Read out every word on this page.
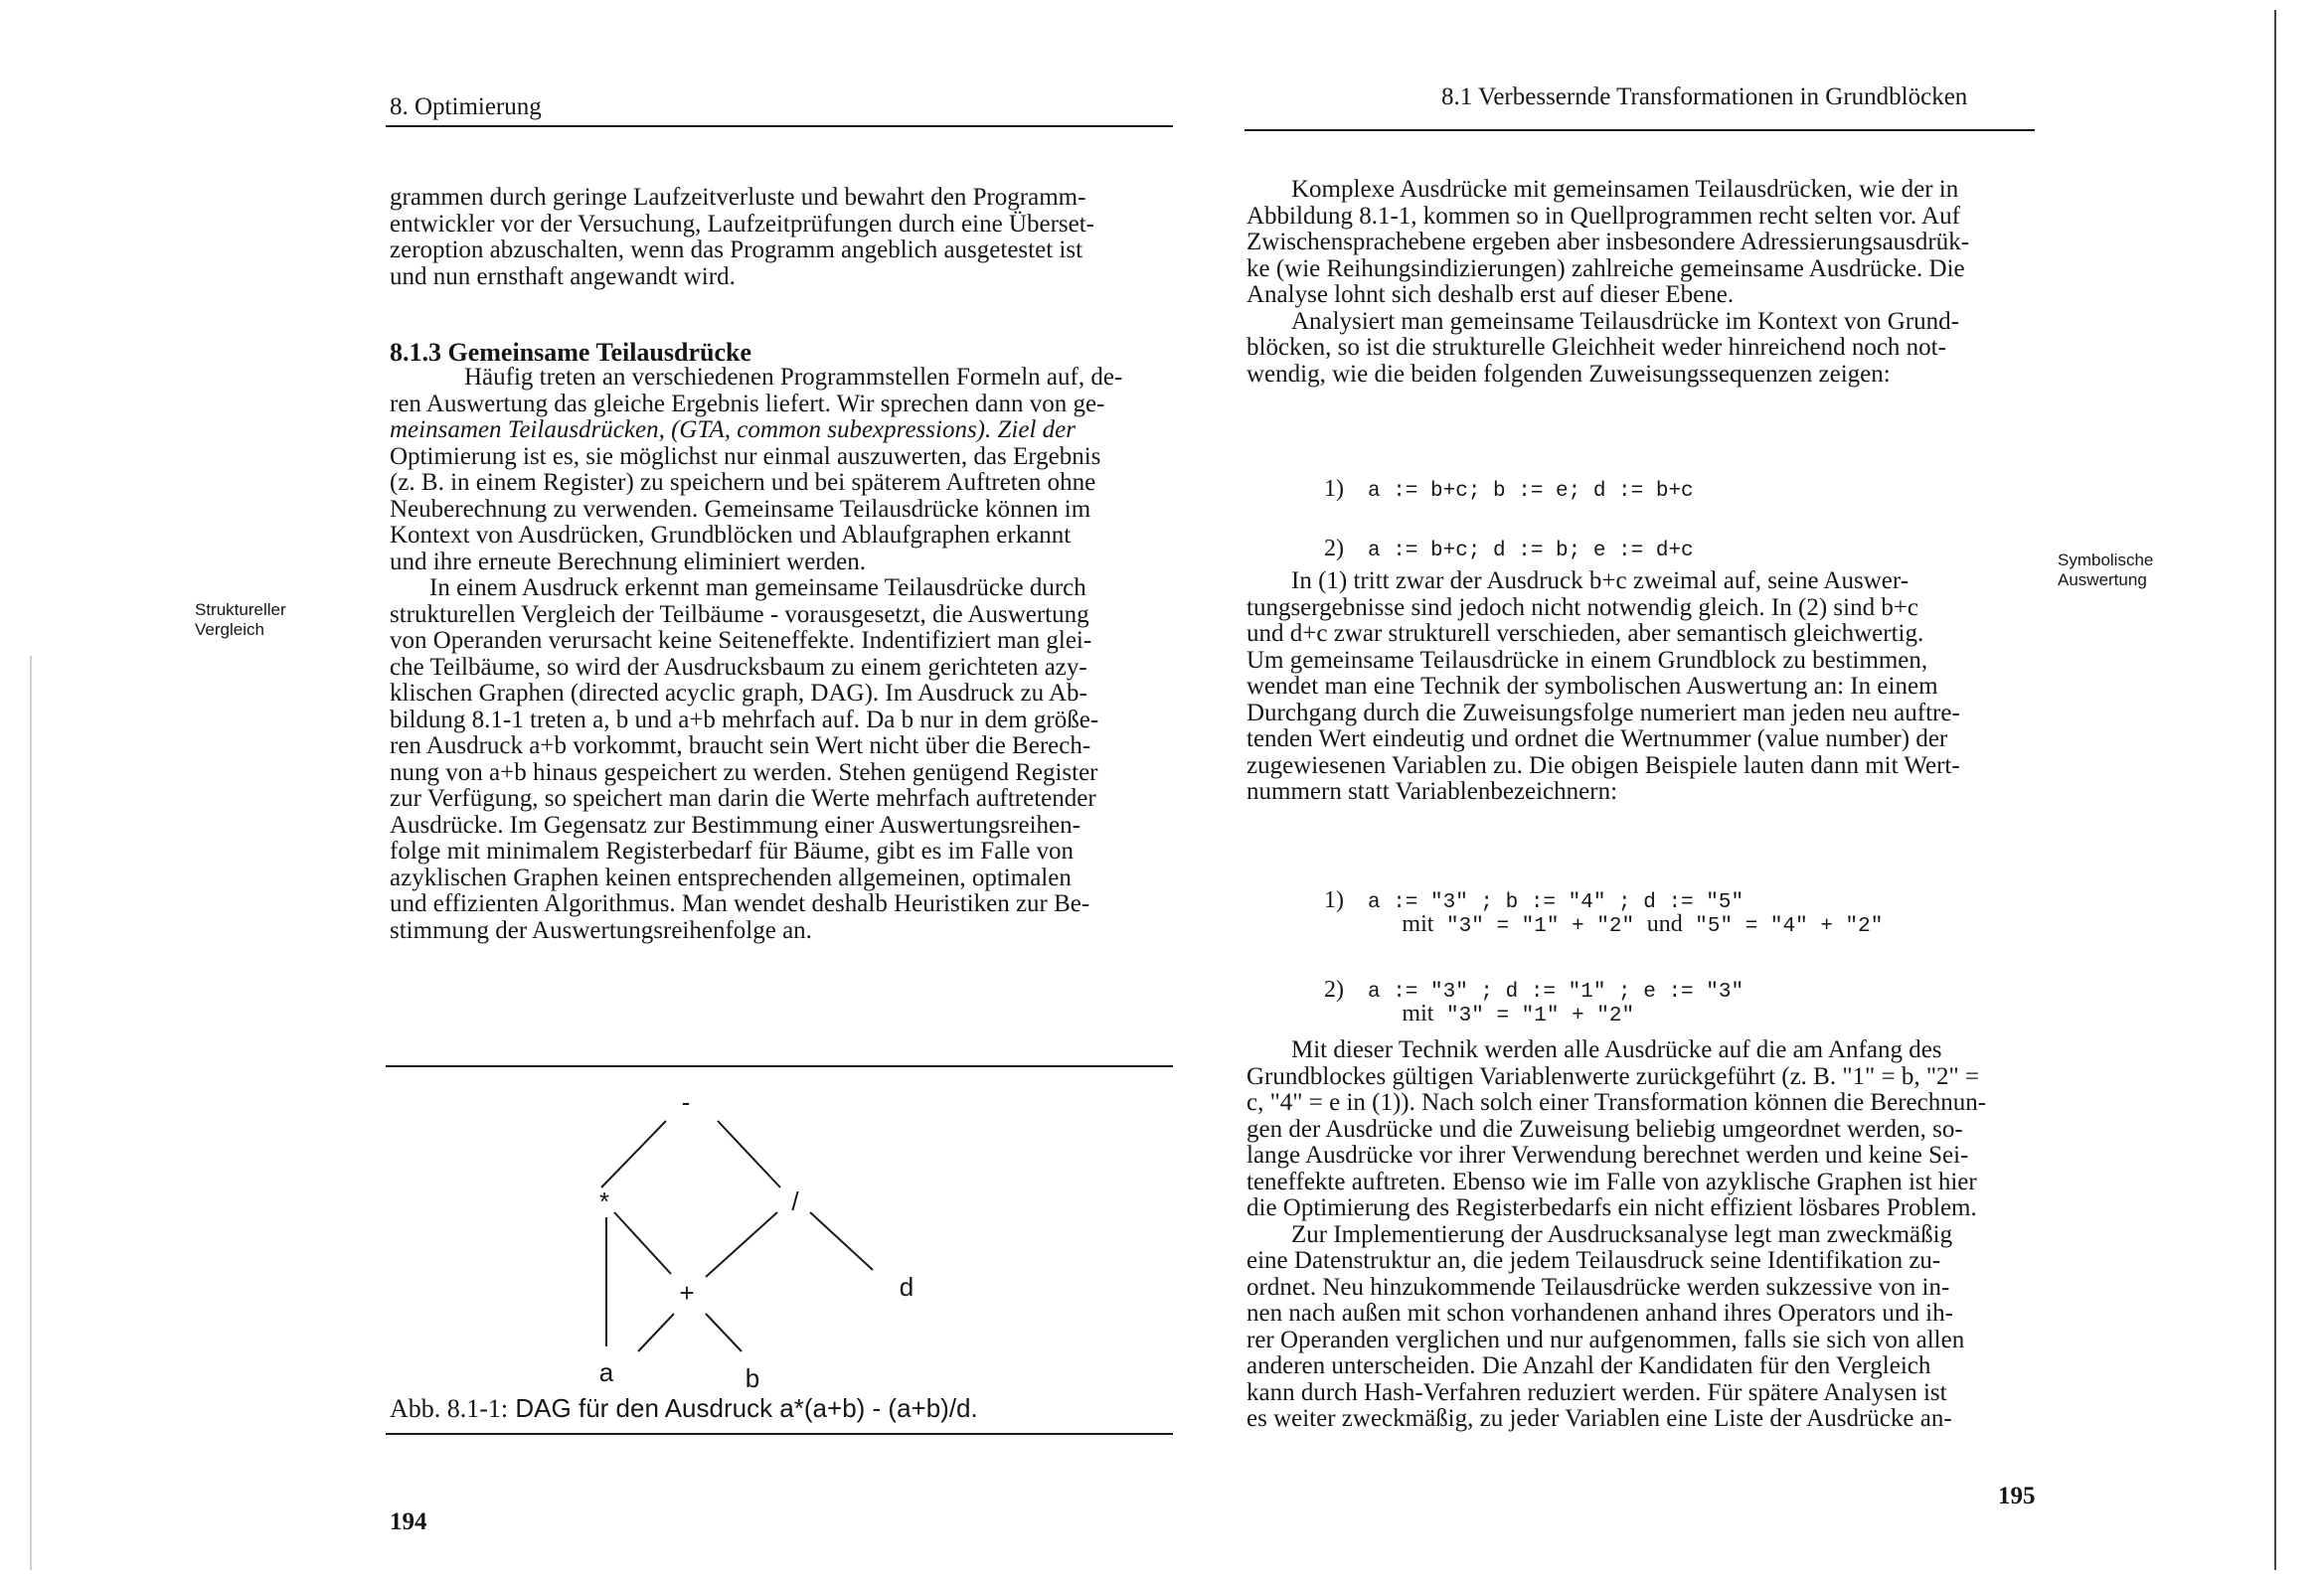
8. Optimierung
grammen durch geringe Laufzeitverluste und bewahrt den Programm-
entwickler vor der Versuchung, Laufzeitprüfungen durch eine Überset-
zeroption abzuschalten, wenn das Programm angeblich ausgetestet ist
und nun ernsthaft angewandt wird.
8.1.3 Gemeinsame Teilausdrücke
Häufig treten an verschiedenen Programmstellen Formeln auf, de-
ren Auswertung das gleiche Ergebnis liefert. Wir sprechen dann von ge-
meinsamen Teilausdrücken, (GTA, common subexpressions). Ziel der
Optimierung ist es, sie möglichst nur einmal auszuwerten, das Ergebnis
(z. B. in einem Register) zu speichern und bei späterem Auftreten ohne
Neuberechnung zu verwenden. Gemeinsame Teilausdrücke können im
Kontext von Ausdrücken, Grundblöcken und Ablaufgraphen erkannt
und ihre erneute Berechnung eliminiert werden.
In einem Ausdruck erkennt man gemeinsame Teilausdrücke durch
strukturellen Vergleich der Teilbäume - vorausgesetzt, die Auswertung
von Operanden verursacht keine Seiteneffekte. Indentifiziert man glei-
che Teilbäume, so wird der Ausdrucksbaum zu einem gerichteten azy-
klischen Graphen (directed acyclic graph, DAG). Im Ausdruck zu Ab-
bildung 8.1-1 treten a, b und a+b mehrfach auf. Da b nur in dem größe-
ren Ausdruck a+b vorkommt, braucht sein Wert nicht über die Berech-
nung von a+b hinaus gespeichert zu werden. Stehen genügend Register
zur Verfügung, so speichert man darin die Werte mehrfach auftretender
Ausdrücke. Im Gegensatz zur Bestimmung einer Auswertungsreihen-
folge mit minimalem Registerbedarf für Bäume, gibt es im Falle von
azyklischen Graphen keinen entsprechenden allgemeinen, optimalen
und effizienten Algorithmus. Man wendet deshalb Heuristiken zur Be-
stimmung der Auswertungsreihenfolge an.
Struktureller
Vergleich
-
*	/
+
a	b
d
Abb. 8.1-1: DAG für den Ausdruck a*(a+b) - (a+b)/d.
194
8.1 Verbessernde Transformationen in Grundblöcken
Komplexe Ausdrücke mit gemeinsamen Teilausdrücken, wie der in
Abbildung 8.1-1, kommen so in Quellprogrammen recht selten vor. Auf
Zwischensprachebene ergeben aber insbesondere Adressierungsausdrük-
ke (wie Reihungsindizierungen) zahlreiche gemeinsame Ausdrücke. Die
Analyse lohnt sich deshalb erst auf dieser Ebene.
Analysiert man gemeinsame Teilausdrücke im Kontext von Grund-
blöcken, so ist die strukturelle Gleichheit weder hinreichend noch not-
wendig, wie die beiden folgenden Zuweisungssequenzen zeigen:

1) a := b+c; b := e; d := b+c

2) a := b+c; d := b; e := d+c

In (1) tritt zwar der Ausdruck b+c zweimal auf, seine Auswer-
tungsergebnisse sind jedoch nicht notwendig gleich. In (2) sind b+c
und d+c zwar strukturell verschieden, aber semantisch gleichwertig.
Um gemeinsame Teilausdrücke in einem Grundblock zu bestimmen,
wendet man eine Technik der symbolischen Auswertung an: In einem
Durchgang durch die Zuweisungsfolge numeriert man jeden neu auftre-
tenden Wert eindeutig und ordnet die Wertnummer (value number) der
zugewiesenen Variablen zu. Die obigen Beispiele lauten dann mit Wert-
nummern statt Variablenbezeichnern:
Symbolische
Auswertung

1) a := "3" ; b := "4" ; d := "5"

mit "3" = "1" + "2" und "5" = "4" + "2"

2) a := "3" ; d := "1" ; e := "3"

mit "3" = "1" + "2"

Mit dieser Technik werden alle Ausdrücke auf die am Anfang des
Grundblockes gültigen Variablenwerte zurückgeführt (z. B. "1" = b, "2" =
c, "4" = e in (1)). Nach solch einer Transformation können die Berechnun-
gen der Ausdrücke und die Zuweisung beliebig umgeordnet werden, so-
lange Ausdrücke vor ihrer Verwendung berechnet werden und keine Sei-
teneffekte auftreten. Ebenso wie im Falle von azyklische Graphen ist hier
die Optimierung des Registerbedarfs ein nicht effizient lösbares Problem.
Zur Implementierung der Ausdrucksanalyse legt man zweckmäßig
eine Datenstruktur an, die jedem Teilausdruck seine Identifikation zu-
ordnet. Neu hinzukommende Teilausdrücke werden sukzessive von in-
nen nach außen mit schon vorhandenen anhand ihres Operators und ih-
rer Operanden verglichen und nur aufgenommen, falls sie sich von allen
anderen unterscheiden. Die Anzahl der Kandidaten für den Vergleich
kann durch Hash-Verfahren reduziert werden. Für spätere Analysen ist
es weiter zweckmäßig, zu jeder Variablen eine Liste der Ausdrücke an-
195
